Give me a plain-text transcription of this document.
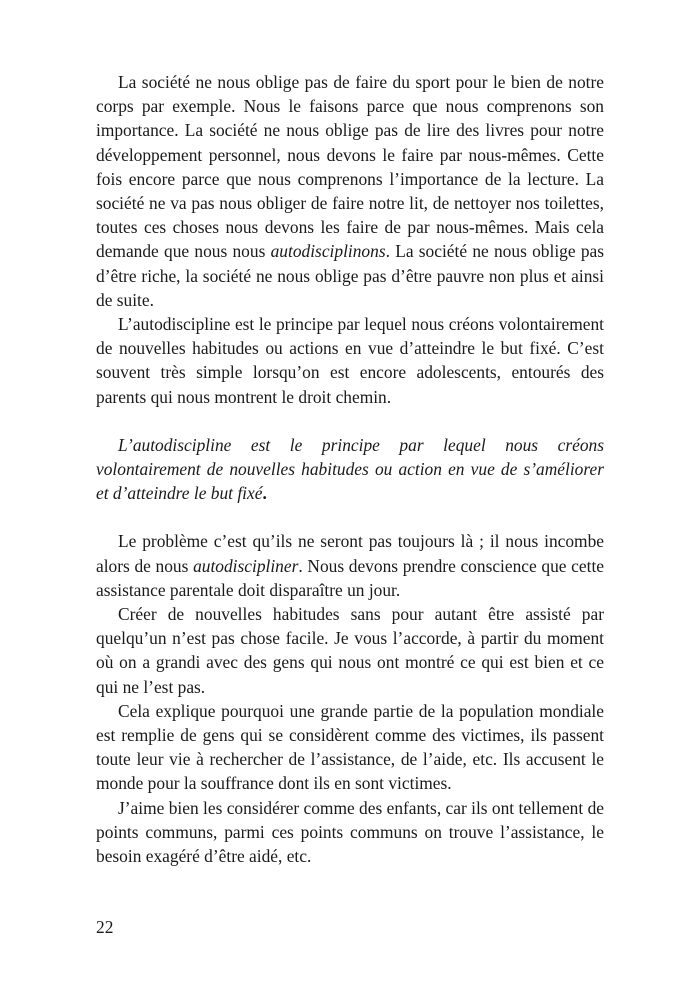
La société ne nous oblige pas de faire du sport pour le bien de notre corps par exemple. Nous le faisons parce que nous comprenons son importance. La société ne nous oblige pas de lire des livres pour notre développement personnel, nous devons le faire par nous-mêmes. Cette fois encore parce que nous comprenons l’importance de la lecture. La société ne va pas nous obliger de faire notre lit, de nettoyer nos toilettes, toutes ces choses nous devons les faire de par nous-mêmes. Mais cela demande que nous nous autodisciplinons. La société ne nous oblige pas d’être riche, la société ne nous oblige pas d’être pauvre non plus et ainsi de suite.

L’autodiscipline est le principe par lequel nous créons volontairement de nouvelles habitudes ou actions en vue d’atteindre le but fixé. C’est souvent très simple lorsqu’on est encore adolescents, entourés des parents qui nous montrent le droit chemin.

L’autodiscipline est le principe par lequel nous créons volontairement de nouvelles habitudes ou action en vue de s’améliorer et d’atteindre le but fixé.

Le problème c’est qu’ils ne seront pas toujours là ; il nous incombe alors de nous autodiscipliner. Nous devons prendre conscience que cette assistance parentale doit disparaître un jour.

Créer de nouvelles habitudes sans pour autant être assisté par quelqu’un n’est pas chose facile. Je vous l’accorde, à partir du moment où on a grandi avec des gens qui nous ont montré ce qui est bien et ce qui ne l’est pas.

Cela explique pourquoi une grande partie de la population mondiale est remplie de gens qui se considèrent comme des victimes, ils passent toute leur vie à rechercher de l’assistance, de l’aide, etc. Ils accusent le monde pour la souffrance dont ils en sont victimes.

J’aime bien les considérer comme des enfants, car ils ont tellement de points communs, parmi ces points communs on trouve l’assistance, le besoin exagéré d’être aidé, etc.

22
